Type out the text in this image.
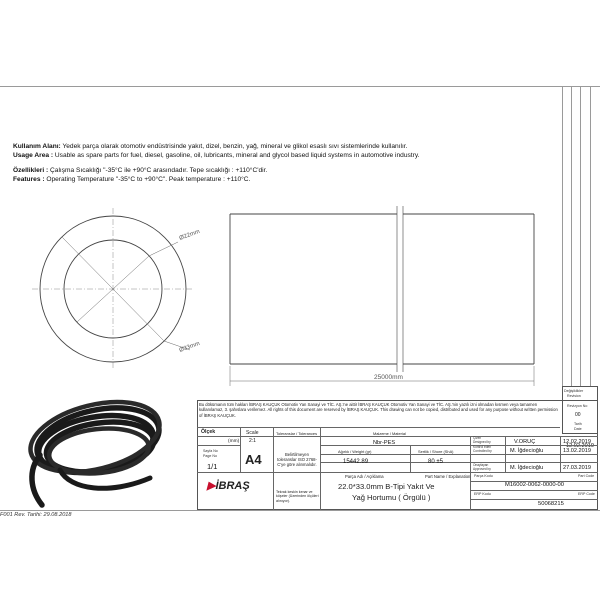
Kullanım Alanı: Yedek parça olarak otomotiv endüstrisinde yakıt, dizel, benzin, yağ, mineral ve glikol esaslı sıvı sistemlerinde kullanılır.
Usage Area : Usable as spare parts for fuel, diesel, gasoline, oil, lubricants, mineral and glycol based liquid systems in automotive industry.
Özellikleri : Çalışma Sıcaklığı "-35°C ile +90°C arasındadır. Tepe sıcaklığı : +110°C'dir.
Features : Operating Temperature "-35°C to +90°C". Peak temperature : +110°C.
Ø22mm
Ø33mm
25000mm
Değişiklikler
Revision
Revizyon No
00
Tarih
Date
12.02.2019
Bu dökümanın tüm hakları İBRAŞ KAUÇUK Otomotiv Yan Sanayi ve TİC. AŞ.'ne aittir İBRAŞ KAUÇUK Otomotiv Yan Sanayi ve TİC. AŞ.'nin yazılı izni olmadan kısmen veya tamamen kullanılamaz, 3. şahıslara verilemez. All rights of this document are reserved by İBRAŞ KAUÇUK. This drawing can not be copied, distributed and used for any purpose without written permission of İBRAŞ KAUÇUK.
Ölçek
(mm)
Scale
2:1
Sayfa No
Page No
1/1 A4
Toleranslar / Tolerances
Belirtilmeyen toleranslar ISO 2768-C'ye göre alınmalıdır.
Malzeme / Material
Nbr-PES
Ağırlık / Weight (gr)
15442.89
Sertlik / Shore (ShA)
80 ±5
Çizen
Designed by	V.ORUÇ	12.02.2019
Kontrol eden
Controlled by	M. İğdecioğlu	13.02.2019
Onaylayan
Approved by	M. İğdecioğlu	27.03.2019
Parça Adı / Açıklama	Part Name / Explanation
22.0*33.0mm B-Tipi Yakıt Ve
Yağ Hortumu ( Örgülü )
Parça Kodu	Part Code
M16002-0062-0000-00
ERP Kodu	ERP Code
50068215
▶İBRAŞ	Tekrak keskin kenar ve köşeler (Üzerinden ölçüleri alınıyor).
F001 Rev. Tarihi: 29.08.2018
